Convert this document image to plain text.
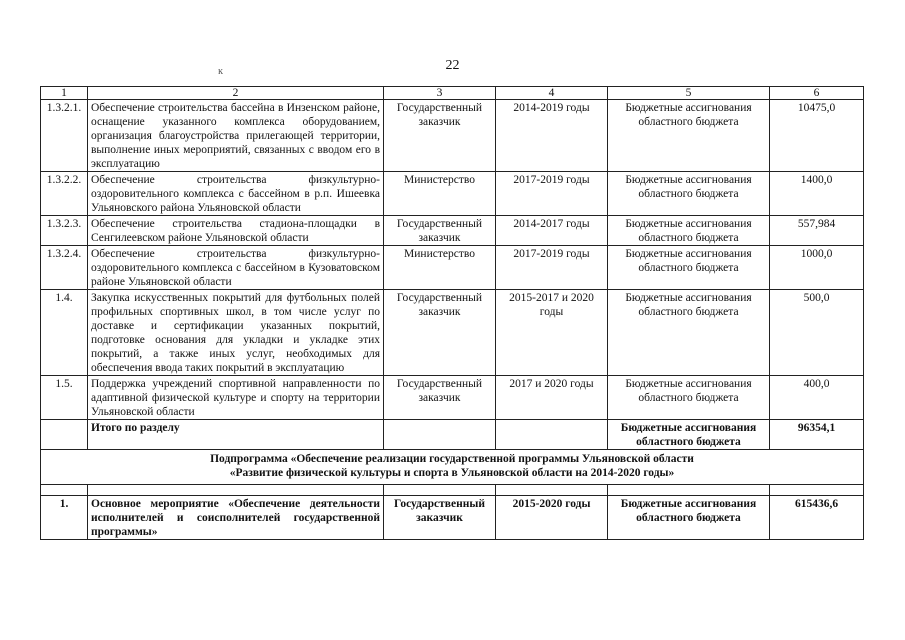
22
ĸ
1	2	3	4	5	6
1.3.2.1.	Обеспечение строительства бассейна в Инзенском районе, оснащение указанного комплекса оборудованием, организация благоустройства прилегающей территории, выполнение иных мероприятий, связанных с вводом его в эксплуатацию	Государственный заказчик	2014-2019 годы	Бюджетные ассигнования областного бюджета	10475,0
1.3.2.2.	Обеспечение строительства физкультурно-оздоровительного комплекса с бассейном в р.п. Ишеевка Ульяновского района Ульяновской области	Министерство	2017-2019 годы	Бюджетные ассигнования областного бюджета	1400,0
1.3.2.3.	Обеспечение строительства стадиона-площадки в Сенгилеевском районе Ульяновской области	Государственный заказчик	2014-2017 годы	Бюджетные ассигнования областного бюджета	557,984
1.3.2.4.	Обеспечение строительства физкультурно-оздоровительного комплекса с бассейном в Кузоватовском районе Ульяновской области	Министерство	2017-2019 годы	Бюджетные ассигнования областного бюджета	1000,0
1.4.	Закупка искусственных покрытий для футбольных полей профильных спортивных школ, в том числе услуг по доставке и сертификации указанных покрытий, подготовке основания для укладки и укладке этих покрытий, а также иных услуг, необходимых для обеспечения ввода таких покрытий в эксплуатацию	Государственный заказчик	2015-2017 и 2020 годы	Бюджетные ассигнования областного бюджета	500,0
1.5.	Поддержка учреждений спортивной направленности по адаптивной физической культуре и спорту на территории Ульяновской области	Государственный заказчик	2017 и 2020 годы	Бюджетные ассигнования областного бюджета	400,0
	Итого по разделу			Бюджетные ассигнования областного бюджета	96354,1

Подпрограмма «Обеспечение реализации государственной программы Ульяновской области
«Развитие физической культуры и спорта в Ульяновской области на 2014-2020 годы»					

1.	Основное мероприятие «Обеспечение деятельности исполнителей и соисполнителей государственной программы»	Государственный заказчик	2015-2020 годы	Бюджетные ассигнования областного бюджета	615436,6
